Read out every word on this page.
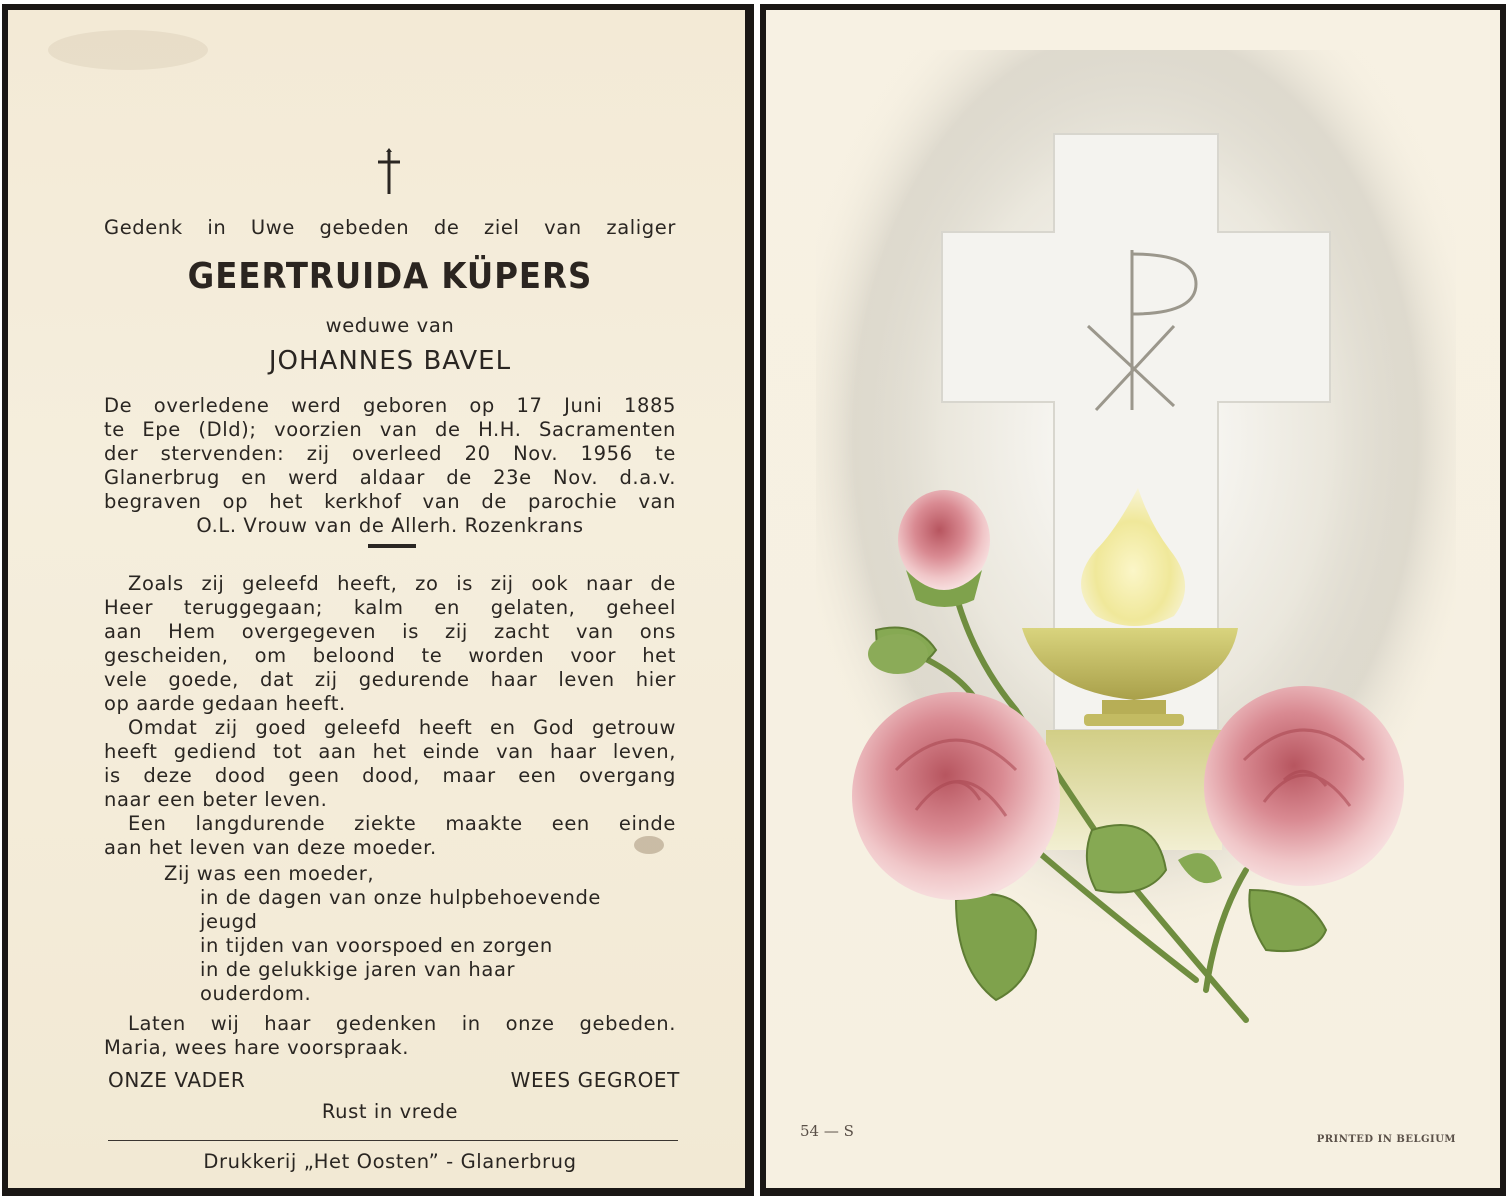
Gedenk in Uwe gebeden de ziel van zaliger
GEERTRUIDA KÜPERS
weduwe van
JOHANNES BAVEL
De overledene werd geboren op 17 Juni 1885
te Epe (Dld); voorzien van de H.H. Sacramenten
der stervenden: zij overleed 20 Nov. 1956 te
Glanerbrug en werd aldaar de 23e Nov. d.a.v.
begraven op het kerkhof van de parochie van
O.L. Vrouw van de Allerh. Rozenkrans
Zoals zij geleefd heeft, zo is zij ook naar de
Heer teruggegaan; kalm en gelaten, geheel
aan Hem overgegeven is zij zacht van ons
gescheiden, om beloond te worden voor het
vele goede, dat zij gedurende haar leven hier
op aarde gedaan heeft.
Omdat zij goed geleefd heeft en God getrouw
heeft gediend tot aan het einde van haar leven,
is deze dood geen dood, maar een overgang
naar een beter leven.
Een langdurende ziekte maakte een einde
aan het leven van deze moeder.
Zij was een moeder,
in de dagen van onze hulpbehoevende
jeugd
in tijden van voorspoed en zorgen
in de gelukkige jaren van haar
ouderdom.
Laten wij haar gedenken in onze gebeden.
Maria, wees hare voorspraak.
ONZE VADER	WEES GEGROET
Rust in vrede
Drukkerij „Het Oosten” - Glanerbrug
54 — S	PRINTED IN BELGIUM
